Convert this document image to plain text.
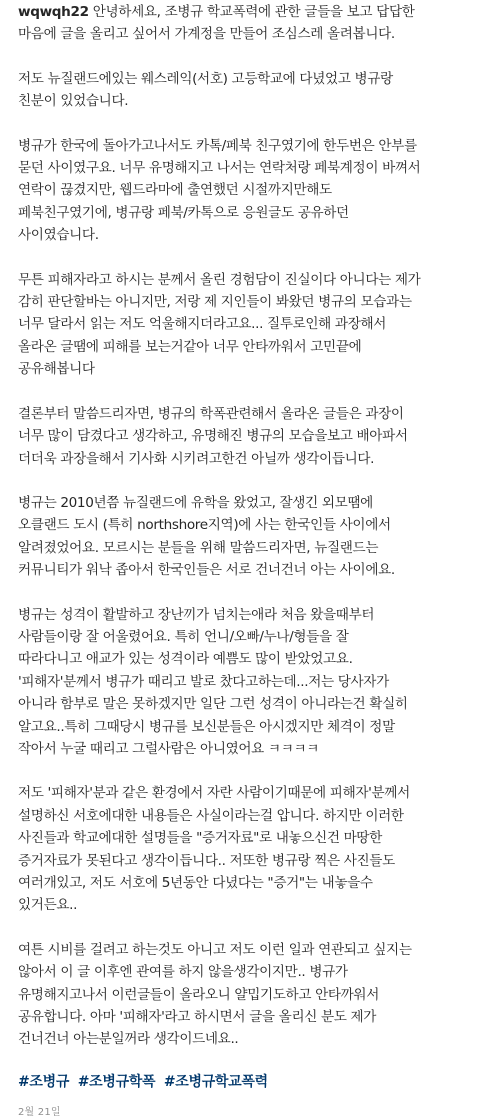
wqwqh22 안녕하세요, 조병규 학교폭력에 관한 글들을 보고 답답한
마음에 글을 올리고 싶어서 가계정을 만들어 조심스레 올려봅니다.
저도 뉴질랜드에있는 웨스레익(서호) 고등학교에 다녔었고 병규랑
친분이 있었습니다.
병규가 한국에 돌아가고나서도 카톡/페북 친구였기에 한두번은 안부를
묻던 사이였구요. 너무 유명해지고 나서는 연락처랑 페북계정이 바껴서
연락이 끊겼지만, 웹드라마에 출연했던 시절까지만해도
페북친구였기에, 병규랑 페북/카톡으로 응원글도 공유하던
사이였습니다.
무튼 피해자라고 하시는 분께서 올린 경험담이 진실이다 아니다는 제가
감히 판단할바는 아니지만, 저랑 제 지인들이 봐왔던 병규의 모습과는
너무 달라서 읽는 저도 억울해지더라고요... 질투로인해 과장해서
올라온 글땜에 피해를 보는거같아 너무 안타까워서 고민끝에
공유해봅니다
결론부터 말씀드리자면, 병규의 학폭관련해서 올라온 글들은 과장이
너무 많이 담겼다고 생각하고, 유명해진 병규의 모습을보고 배아파서
더더욱 과장을해서 기사화 시키려고한건 아닐까 생각이듭니다.
병규는 2010년쯤 뉴질랜드에 유학을 왔었고, 잘생긴 외모땜에
오클랜드 도시 (특히 northshore지역)에 사는 한국인들 사이에서
알려졌었어요. 모르시는 분들을 위해 말씀드리자면, 뉴질랜드는
커뮤니티가 워낙 좁아서 한국인들은 서로 건너건너 아는 사이에요.
병규는 성격이 활발하고 장난끼가 넘치는애라 처음 왔을때부터
사람들이랑 잘 어울렸어요. 특히 언니/오빠/누나/형들을 잘
따라다니고 애교가 있는 성격이라 예쁨도 많이 받았었고요.
'피해자'분께서 병규가 때리고 발로 찼다고하는데...저는 당사자가
아니라 함부로 말은 못하겠지만 일단 그런 성격이 아니라는건 확실히
알고요..특히 그때당시 병규를 보신분들은 아시겠지만 체격이 정말
작아서 누굴 때리고 그럴사람은 아니였어요 ㅋㅋㅋㅋ
저도 '피해자'분과 같은 환경에서 자란 사람이기때문에 피해자'분께서
설명하신 서호에대한 내용들은 사실이라는걸 압니다. 하지만 이러한
사진들과 학교에대한 설명들을 "증거자료"로 내놓으신건 마땅한
증거자료가 못된다고 생각이듭니다.. 저또한 병규랑 찍은 사진들도
여러개있고, 저도 서호에 5년동안 다녔다는 "증거"는 내놓을수
있거든요..
여튼 시비를 걸려고 하는것도 아니고 저도 이런 일과 연관되고 싶지는
않아서 이 글 이후엔 관여를 하지 않을생각이지만.. 병규가
유명해지고나서 이런글들이 올라오니 얄밉기도하고 안타까워서
공유합니다. 아마 '피해자'라고 하시면서 글을 올리신 분도 제가
건너건너 아는분일꺼라 생각이드네요..
#조병규 #조병규학폭 #조병규학교폭력
2월 21일
